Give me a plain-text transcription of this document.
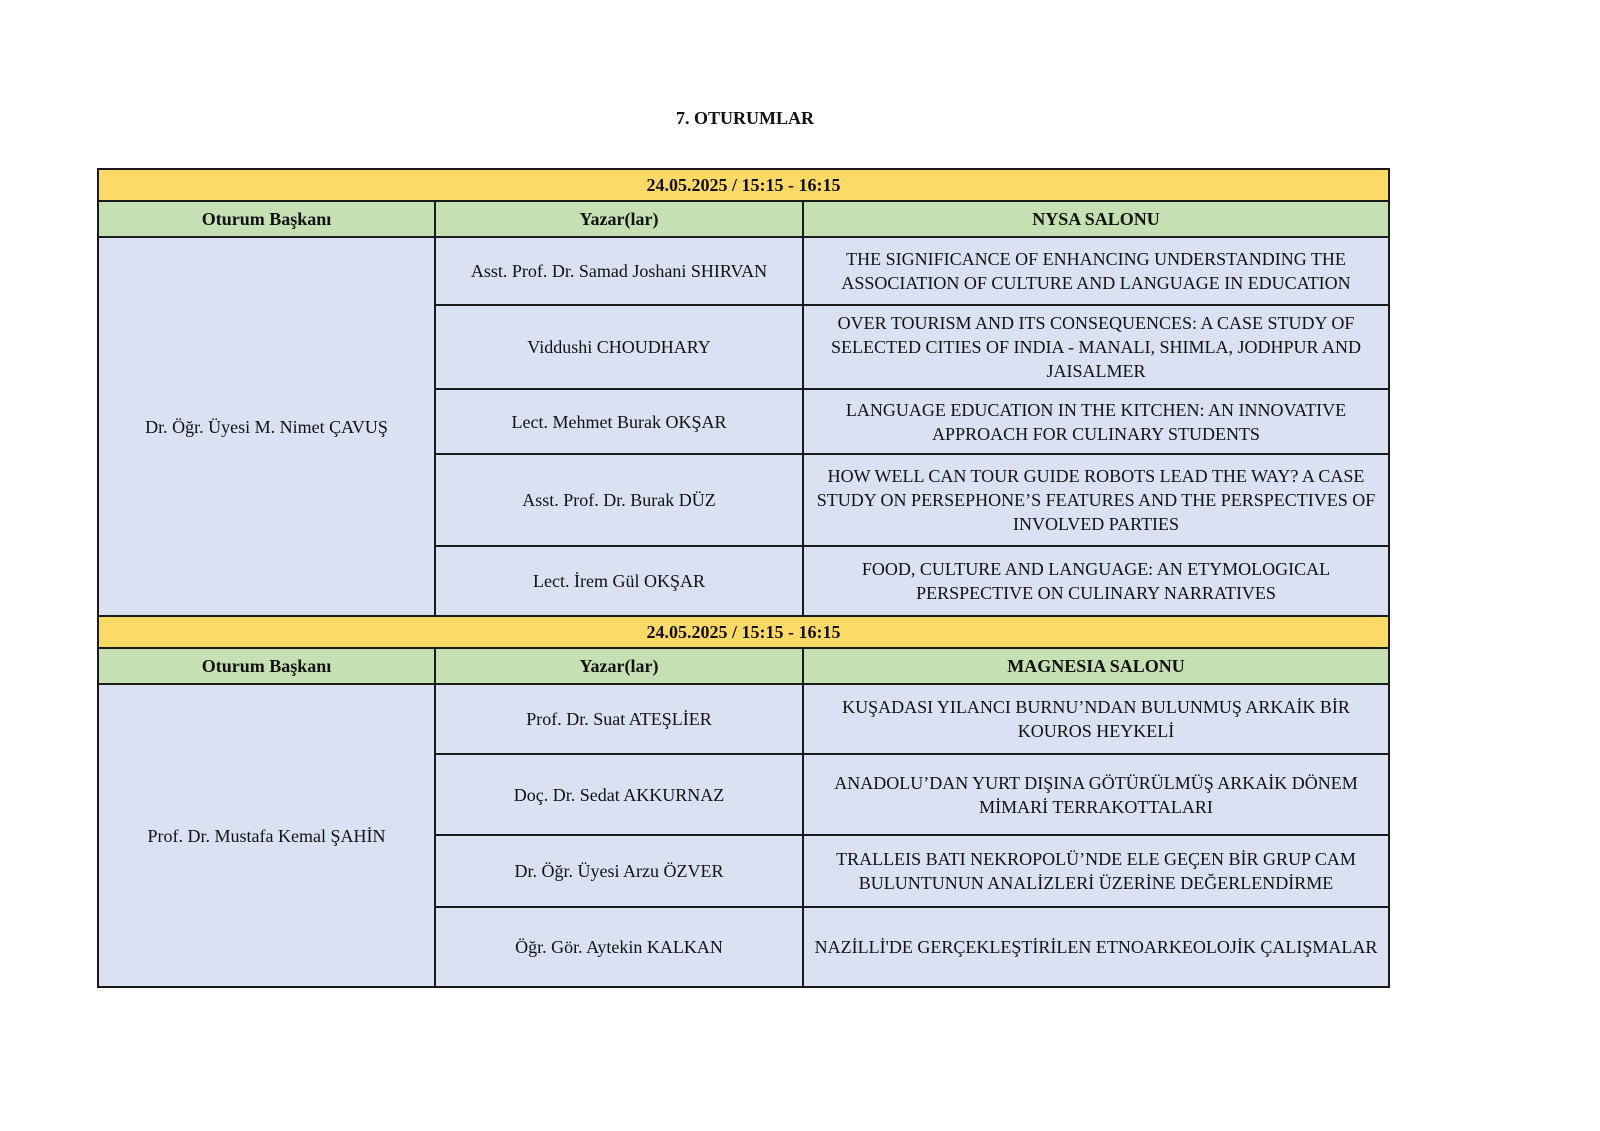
7. OTURUMLAR
24.05.2025 / 15:15 - 16:15		
Oturum Başkanı	Yazar(lar)	NYSA SALONU
Dr. Öğr. Üyesi M. Nimet ÇAVUŞ	Asst. Prof. Dr. Samad Joshani SHIRVAN	THE SIGNIFICANCE OF ENHANCING UNDERSTANDING THE ASSOCIATION OF CULTURE AND LANGUAGE IN EDUCATION
	Viddushi CHOUDHARY	OVER TOURISM AND ITS CONSEQUENCES: A CASE STUDY OF SELECTED CITIES OF INDIA - MANALI, SHIMLA, JODHPUR AND JAISALMER
	Lect. Mehmet Burak OKŞAR	LANGUAGE EDUCATION IN THE KITCHEN: AN INNOVATIVE APPROACH FOR CULINARY STUDENTS
	Asst. Prof. Dr. Burak DÜZ	HOW WELL CAN TOUR GUIDE ROBOTS LEAD THE WAY? A CASE STUDY ON PERSEPHONE’S FEATURES AND THE PERSPECTIVES OF INVOLVED PARTIES
	Lect. İrem Gül OKŞAR	FOOD, CULTURE AND LANGUAGE: AN ETYMOLOGICAL PERSPECTIVE ON CULINARY NARRATIVES
24.05.2025 / 15:15 - 16:15		
Oturum Başkanı	Yazar(lar)	MAGNESIA SALONU
Prof. Dr. Mustafa Kemal ŞAHİN	Prof. Dr. Suat ATEŞLİER	KUŞADASI YILANCI BURNU’NDAN BULUNMUŞ ARKAİK BİR KOUROS HEYKELİ
	Doç. Dr. Sedat AKKURNAZ	ANADOLU’DAN YURT DIŞINA GÖTÜRÜLMÜŞ ARKAİK DÖNEM MİMARİ TERRAKOTTALARI
	Dr. Öğr. Üyesi Arzu ÖZVER	TRALLEIS BATI NEKROPOLÜ’NDE ELE GEÇEN BİR GRUP CAM BULUNTUNUN ANALİZLERİ ÜZERİNE DEĞERLENDİRME
	Öğr. Gör. Aytekin KALKAN	NAZİLLİ'DE GERÇEKLEŞTİRİLEN ETNOARKEOLOJİK ÇALIŞMALAR
